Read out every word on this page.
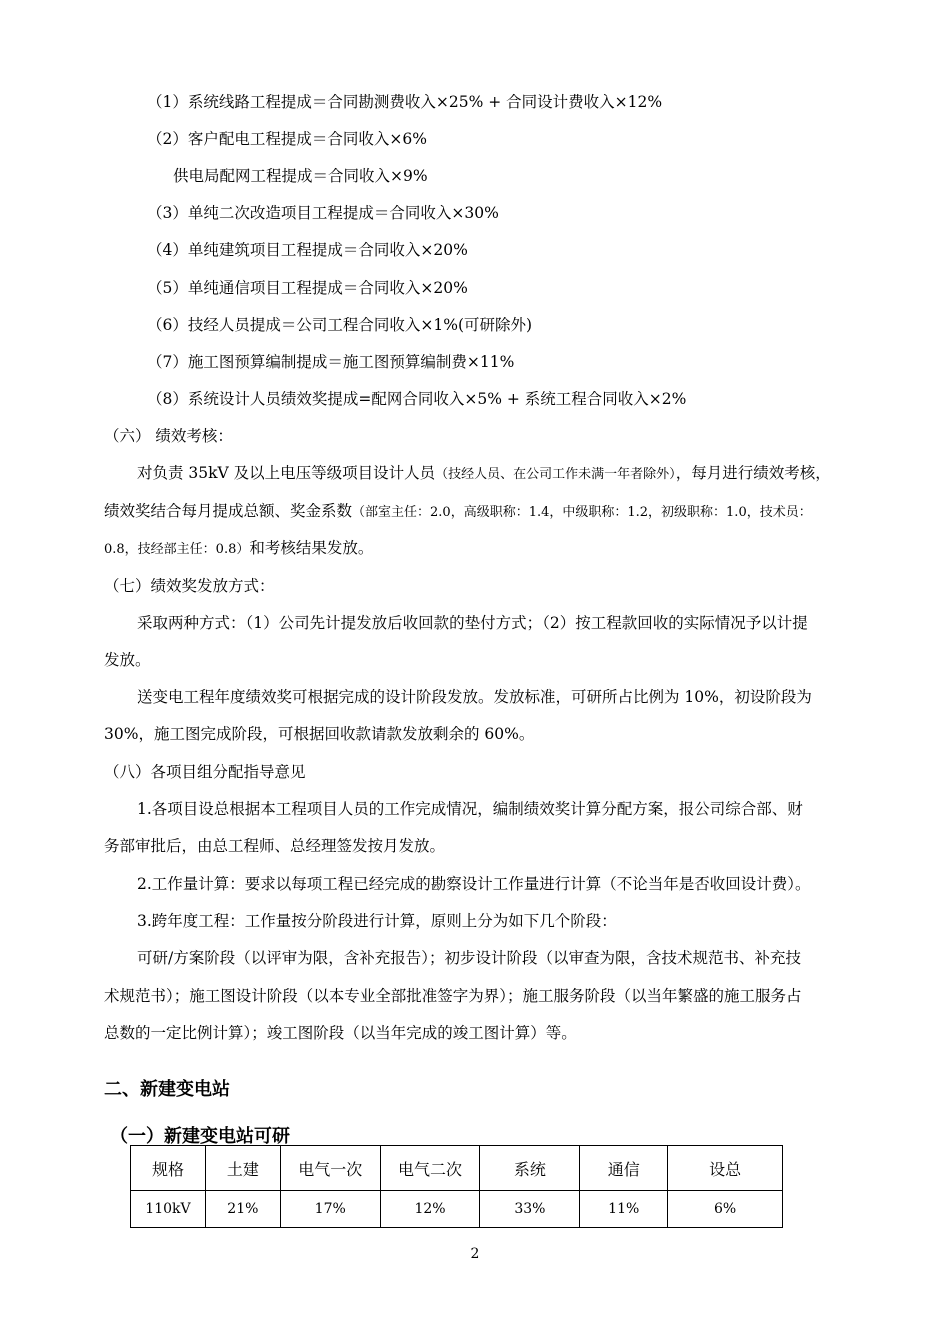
（1）系统线路工程提成＝合同勘测费收入×25% + 合同设计费收入×12%
（2）客户配电工程提成＝合同收入×6%
供电局配网工程提成＝合同收入×9%
（3）单纯二次改造项目工程提成＝合同收入×30%
（4）单纯建筑项目工程提成＝合同收入×20%
（5）单纯通信项目工程提成＝合同收入×20%
（6）技经人员提成＝公司工程合同收入×1%(可研除外)
（7）施工图预算编制提成＝施工图预算编制费×11%
（8）系统设计人员绩效奖提成=配网合同收入×5% + 系统工程合同收入×2%
（六） 绩效考核：
对负责 35kV 及以上电压等级项目设计人员（技经人员、在公司工作未满一年者除外），每月进行绩效考核，
绩效奖结合每月提成总额、奖金系数（部室主任：2.0，高级职称：1.4，中级职称：1.2，初级职称：1.0，技术员：
0.8，技经部主任：0.8）和考核结果发放。
（七）绩效奖发放方式：
采取两种方式：（1）公司先计提发放后收回款的垫付方式；（2）按工程款回收的实际情况予以计提
发放。
送变电工程年度绩效奖可根据完成的设计阶段发放。发放标准，可研所占比例为 10%，初设阶段为
30%，施工图完成阶段，可根据回收款请款发放剩余的 60%。
（八）各项目组分配指导意见
1.各项目设总根据本工程项目人员的工作完成情况，编制绩效奖计算分配方案，报公司综合部、财
务部审批后，由总工程师、总经理签发按月发放。
2.工作量计算：要求以每项工程已经完成的勘察设计工作量进行计算（不论当年是否收回设计费）。
3.跨年度工程：工作量按分阶段进行计算，原则上分为如下几个阶段：
可研/方案阶段（以评审为限，含补充报告）；初步设计阶段（以审查为限，含技术规范书、补充技
术规范书）；施工图设计阶段（以本专业全部批准签字为界）；施工服务阶段（以当年繁盛的施工服务占
总数的一定比例计算）；竣工图阶段（以当年完成的竣工图计算）等。
二、新建变电站
（一）新建变电站可研
规格	土建	电气一次	电气二次	系统	通信	设总
110kV	21%	17%	12%	33%	11%	6%
2
